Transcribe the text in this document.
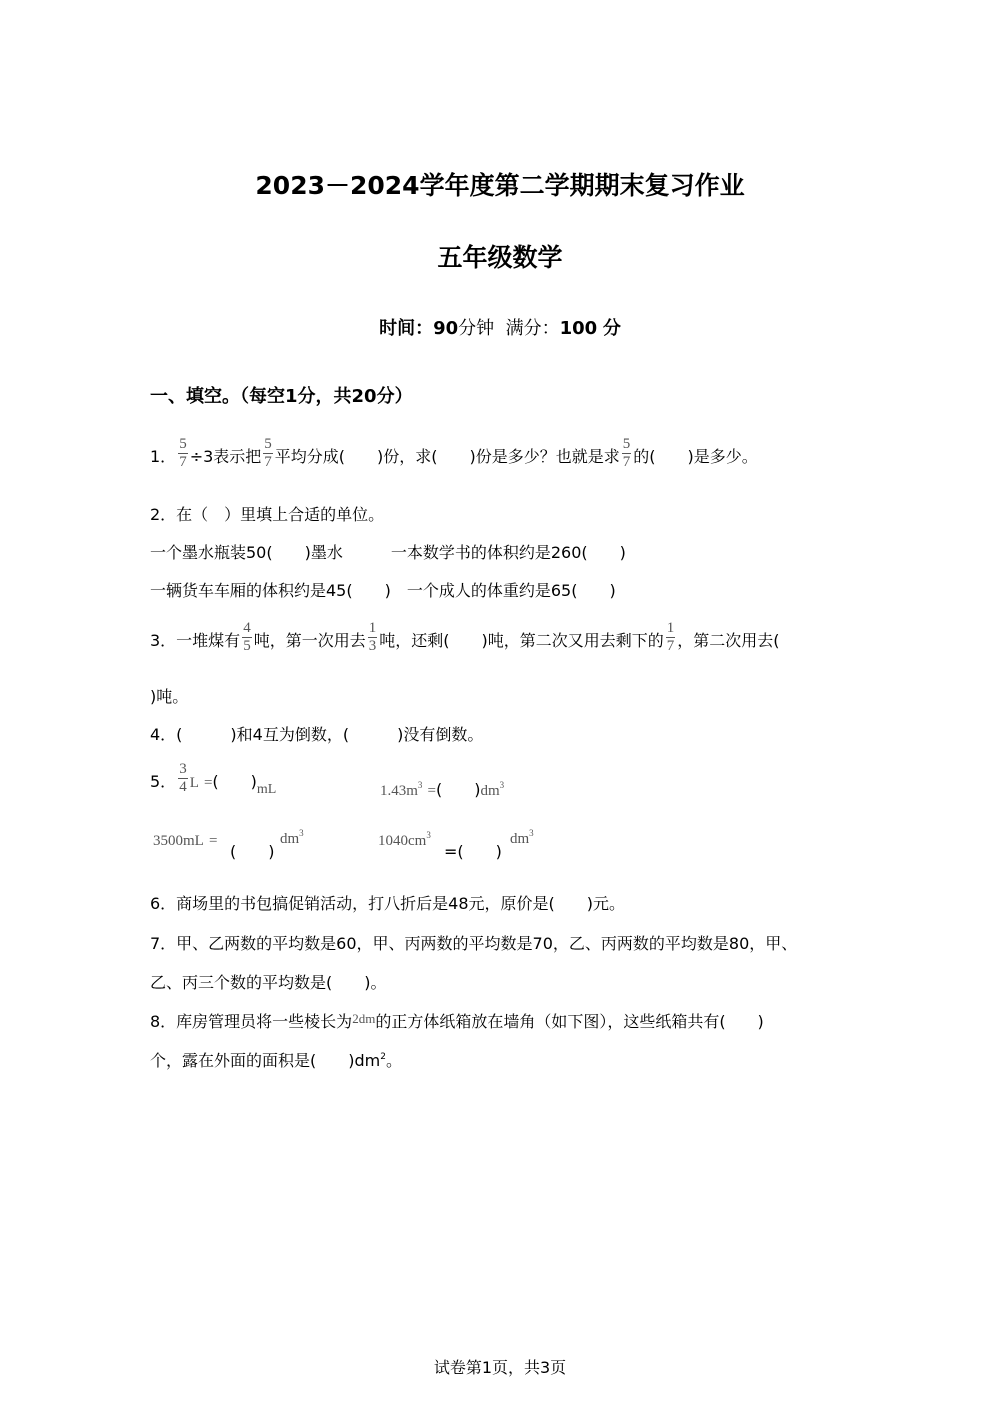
2023－2024学年度第二学期期末复习作业
五年级数学
时间：90分钟 满分：100 分
一、填空。（每空1分，共20分）
1． $\frac{5}{7} \div 3$表示把 $\frac{5}{7}$ 平均分成(　　)份，求(　　)份是多少？也就是求 $\frac{5}{7}$ 的(　　)是多少。
2．在（　）里填上合适的单位。
一个墨水瓶装50(　　)墨水　　　一本数学书的体积约是260(　　)
一辆货车车厢的体积约是45(　　)　一个成人的体重约是65(　　)
3．一堆煤有 $\frac{4}{5}$ 吨，第一次用去 $\frac{1}{3}$ 吨，还剩(　　)吨，第二次又用去剩下的 $\frac{1}{7}$ ，第二次用去(
)吨。
4．(　　　)和4互为倒数，(　　　)没有倒数。
5． $\frac{3}{4}$ L =(　　)mL	$1.43m^3$ =(　　)$dm^3$
3500mL =
(　　)
$dm^3$	$1040cm^3$
=(　　)
$dm^3$
6．商场里的书包搞促销活动，打八折后是48元，原价是(　　)元。
7．甲、乙两数的平均数是60，甲、丙两数的平均数是70，乙、丙两数的平均数是80，甲、
乙、丙三个数的平均数是(　　)。
8．库房管理员将一些棱长为$^{2dm}$的正方体纸箱放在墙角（如下图），这些纸箱共有(　　)
个，露在外面的面积是(　　)$dm^2$。
试卷第1页，共3页
